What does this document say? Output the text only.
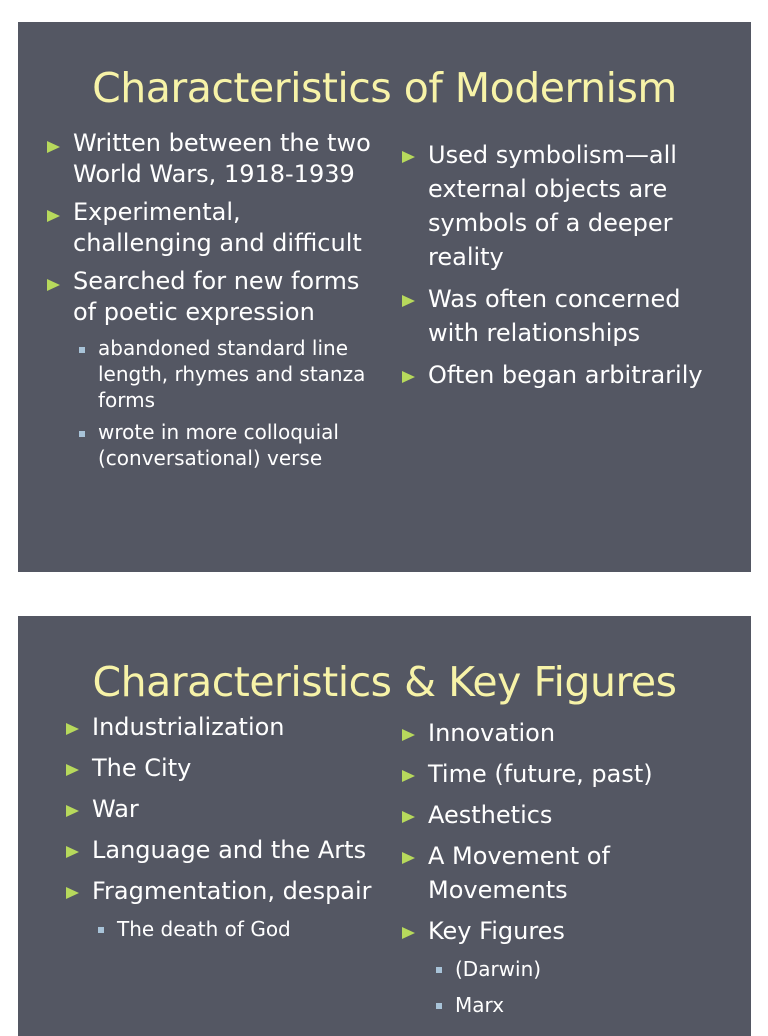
Characteristics of Modernism
Written between the two World Wars, 1918-1939
Experimental, challenging and difficult
Searched for new forms of poetic expression
abandoned standard line length, rhymes and stanza forms
wrote in more colloquial (conversational) verse
Used symbolism—all external objects are symbols of a deeper reality
Was often concerned with relationships
Often began arbitrarily
Characteristics & Key Figures
Industrialization
The City
War
Language and the Arts
Fragmentation, despair
The death of God
Innovation
Time (future, past)
Aesthetics
A Movement of Movements
Key Figures
(Darwin)
Marx
